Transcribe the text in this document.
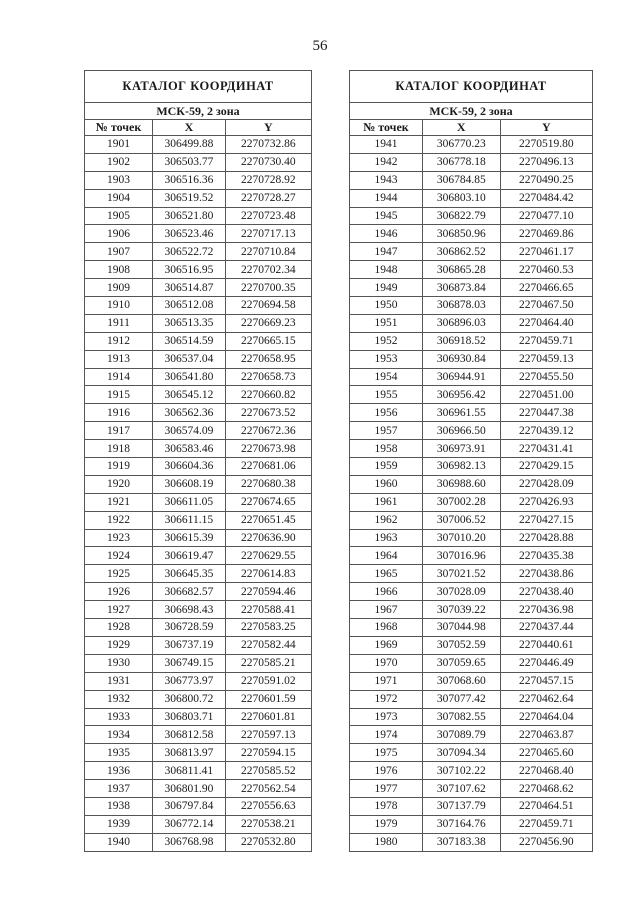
56
КАТАЛОГ КООРДИНАТ		
МСК-59, 2 зона		
№ точек	X	Y
1901	306499.88	2270732.86
1902	306503.77	2270730.40
1903	306516.36	2270728.92
1904	306519.52	2270728.27
1905	306521.80	2270723.48
1906	306523.46	2270717.13
1907	306522.72	2270710.84
1908	306516.95	2270702.34
1909	306514.87	2270700.35
1910	306512.08	2270694.58
1911	306513.35	2270669.23
1912	306514.59	2270665.15
1913	306537.04	2270658.95
1914	306541.80	2270658.73
1915	306545.12	2270660.82
1916	306562.36	2270673.52
1917	306574.09	2270672.36
1918	306583.46	2270673.98
1919	306604.36	2270681.06
1920	306608.19	2270680.38
1921	306611.05	2270674.65
1922	306611.15	2270651.45
1923	306615.39	2270636.90
1924	306619.47	2270629.55
1925	306645.35	2270614.83
1926	306682.57	2270594.46
1927	306698.43	2270588.41
1928	306728.59	2270583.25
1929	306737.19	2270582.44
1930	306749.15	2270585.21
1931	306773.97	2270591.02
1932	306800.72	2270601.59
1933	306803.71	2270601.81
1934	306812.58	2270597.13
1935	306813.97	2270594.15
1936	306811.41	2270585.52
1937	306801.90	2270562.54
1938	306797.84	2270556.63
1939	306772.14	2270538.21
1940	306768.98	2270532.80
КАТАЛОГ КООРДИНАТ		
МСК-59, 2 зона		
№ точек	X	Y
1941	306770.23	2270519.80
1942	306778.18	2270496.13
1943	306784.85	2270490.25
1944	306803.10	2270484.42
1945	306822.79	2270477.10
1946	306850.96	2270469.86
1947	306862.52	2270461.17
1948	306865.28	2270460.53
1949	306873.84	2270466.65
1950	306878.03	2270467.50
1951	306896.03	2270464.40
1952	306918.52	2270459.71
1953	306930.84	2270459.13
1954	306944.91	2270455.50
1955	306956.42	2270451.00
1956	306961.55	2270447.38
1957	306966.50	2270439.12
1958	306973.91	2270431.41
1959	306982.13	2270429.15
1960	306988.60	2270428.09
1961	307002.28	2270426.93
1962	307006.52	2270427.15
1963	307010.20	2270428.88
1964	307016.96	2270435.38
1965	307021.52	2270438.86
1966	307028.09	2270438.40
1967	307039.22	2270436.98
1968	307044.98	2270437.44
1969	307052.59	2270440.61
1970	307059.65	2270446.49
1971	307068.60	2270457.15
1972	307077.42	2270462.64
1973	307082.55	2270464.04
1974	307089.79	2270463.87
1975	307094.34	2270465.60
1976	307102.22	2270468.40
1977	307107.62	2270468.62
1978	307137.79	2270464.51
1979	307164.76	2270459.71
1980	307183.38	2270456.90
